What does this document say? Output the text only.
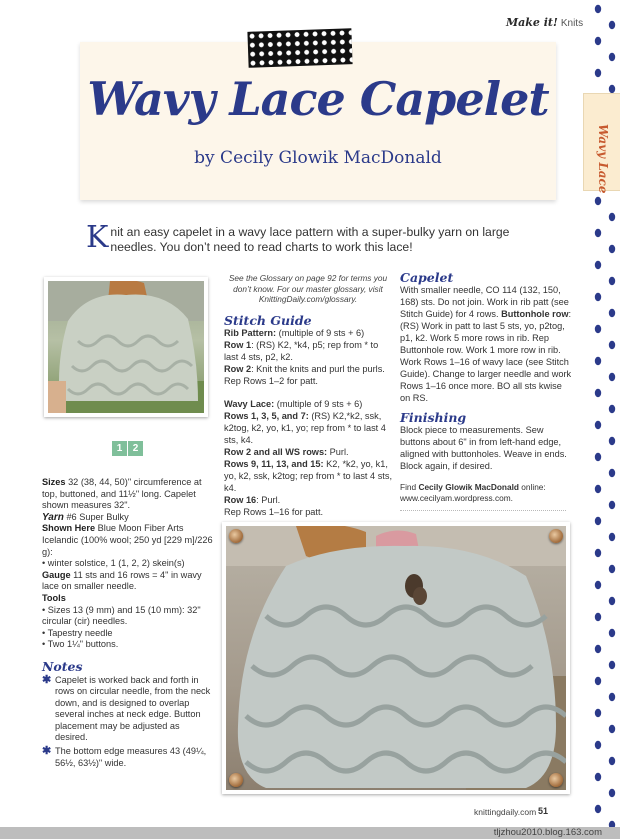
Make it! Knits
Wavy Lace
Wavy Lace Capelet
by Cecily Glowik MacDonald
Knit an easy capelet in a wavy lace pattern with a super-bulky yarn on large needles. You don’t need to read charts to work this lace!
1	2
Sizes 32 (38, 44, 50)" circumference at top, buttoned, and 11½" long. Capelet shown measures 32".
Yarn #6 Super Bulky
Shown Here Blue Moon Fiber Arts Icelandic (100% wool; 250 yd [229 m]/226 g):
• winter solstice, 1 (1, 2, 2) skein(s)
Gauge 11 sts and 16 rows = 4" in wavy lace on smaller needle.
Tools
• Sizes 13 (9 mm) and 15 (10 mm): 32" circular (cir) needles.
• Tapestry needle
• Two 1¼" buttons.
Notes
✱ Capelet is worked back and forth in rows on circular needle, from the neck down, and is designed to overlap several inches at neck edge. Button placement may be adjusted as desired.
✱ The bottom edge measures 43 (49¼, 56½, 63½)" wide.
See the Glossary on page 92 for terms you don’t know. For our master glossary, visit KnittingDaily.com/glossary.
Stitch Guide
Rib Pattern: (multiple of 9 sts + 6)
Row 1: (RS) K2, *k4, p5; rep from * to last 4 sts, p2, k2.
Row 2: Knit the knits and purl the purls.
Rep Rows 1–2 for patt.
Wavy Lace: (multiple of 9 sts + 6)
Rows 1, 3, 5, and 7: (RS) K2,*k2, ssk, k2tog, k2, yo, k1, yo; rep from * to last 4 sts, k4.
Row 2 and all WS rows: Purl.
Rows 9, 11, 13, and 15: K2, *k2, yo, k1, yo, k2, ssk, k2tog; rep from * to last 4 sts, k4.
Row 16: Purl.
Rep Rows 1–16 for patt.
Capelet
With smaller needle, CO 114 (132, 150, 168) sts. Do not join. Work in rib patt (see Stitch Guide) for 4 rows. Buttonhole row: (RS) Work in patt to last 5 sts, yo, p2tog, p1, k2. Work 5 more rows in rib. Rep Buttonhole row. Work 1 more row in rib. Work Rows 1–16 of wavy lace (see Stitch Guide). Change to larger needle and work Rows 1–16 once more. BO all sts kwise on RS.
Finishing
Block piece to measurements. Sew buttons about 6" in from left-hand edge, aligned with buttonholes. Weave in ends. Block again, if desired.
Find Cecily Glowik MacDonald online:
www.cecilyam.wordpress.com.
knittingdaily.com 51
tljzhou2010.blog.163.com
